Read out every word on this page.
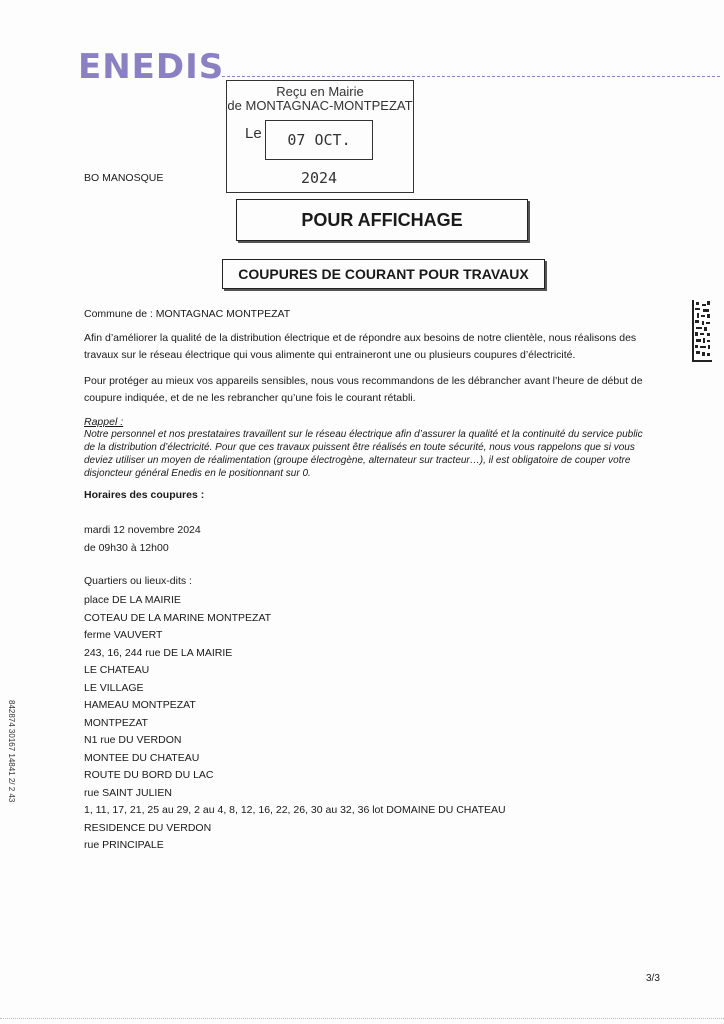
ENEDIS
Reçu en Mairie
de MONTAGNAC-MONTPEZAT
Le	07 OCT. 2024
BO MANOSQUE
POUR AFFICHAGE
COUPURES DE COURANT POUR TRAVAUX
Commune de : MONTAGNAC MONTPEZAT
Afin d’améliorer la qualité de la distribution électrique et de répondre aux besoins de notre clientèle, nous réalisons des travaux sur le réseau électrique qui vous alimente qui entraineront une ou plusieurs coupures d’électricité.
Pour protéger au mieux vos appareils sensibles, nous vous recommandons de les débrancher avant l’heure de début de coupure indiquée, et de ne les rebrancher qu’une fois le courant rétabli.
Rappel :
Notre personnel et nos prestataires travaillent sur le réseau électrique afin d’assurer la qualité et la continuité du service public de la distribution d’électricité. Pour que ces travaux puissent être réalisés en toute sécurité, nous vous rappelons que si vous deviez utiliser un moyen de réalimentation (groupe électrogène, alternateur sur tracteur…), il est obligatoire de couper votre disjoncteur général Enedis en le positionnant sur 0.
Horaires des coupures :
mardi 12 novembre 2024
de 09h30 à 12h00
Quartiers ou lieux-dits :
place DE LA MAIRIE
COTEAU DE LA MARINE MONTPEZAT
ferme VAUVERT
243, 16, 244 rue DE LA MAIRIE
LE CHATEAU
LE VILLAGE
HAMEAU MONTPEZAT
MONTPEZAT
N1 rue DU VERDON
MONTEE DU CHATEAU
ROUTE DU BORD DU LAC
rue SAINT JULIEN
1, 11, 17, 21, 25 au 29, 2 au 4, 8, 12, 16, 22, 26, 30 au 32, 36 lot DOMAINE DU CHATEAU
RESIDENCE DU VERDON
rue PRINCIPALE
3/3
842874 30167 14841 2/ 2 43
